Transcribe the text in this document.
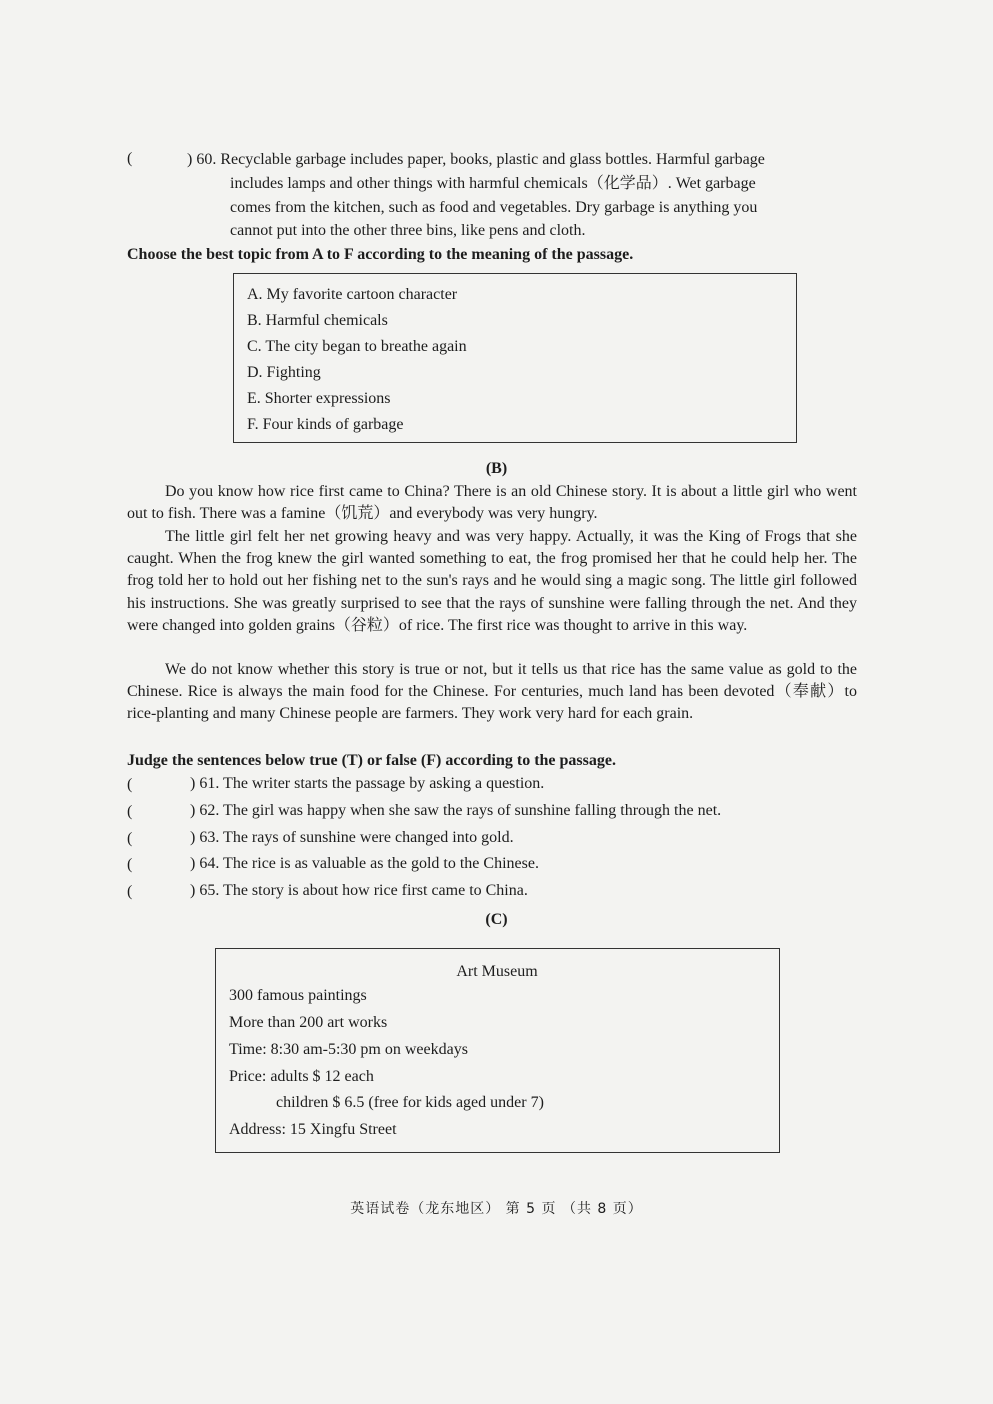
(	) 60. Recyclable garbage includes paper, books, plastic and glass bottles. Harmful garbage
includes lamps and other things with harmful chemicals（化学品）. Wet garbage
comes from the kitchen, such as food and vegetables. Dry garbage is anything you
cannot put into the other three bins, like pens and cloth.
Choose the best topic from A to F according to the meaning of the passage.
A. My favorite cartoon character
B. Harmful chemicals
C. The city began to breathe again
D. Fighting
E. Shorter expressions
F. Four kinds of garbage
(B)
Do you know how rice first came to China? There is an old Chinese story. It is about a little girl who went out to fish. There was a famine（饥荒）and everybody was very hungry.
The little girl felt her net growing heavy and was very happy. Actually, it was the King of Frogs that she caught. When the frog knew the girl wanted something to eat, the frog promised her that he could help her. The frog told her to hold out her fishing net to the sun's rays and he would sing a magic song. The little girl followed his instructions. She was greatly surprised to see that the rays of sunshine were falling through the net. And they were changed into golden grains（谷粒）of rice. The first rice was thought to arrive in this way.
We do not know whether this story is true or not, but it tells us that rice has the same value as gold to the Chinese. Rice is always the main food for the Chinese. For centuries, much land has been devoted（奉献）to rice-planting and many Chinese people are farmers. They work very hard for each grain.
Judge the sentences below true (T) or false (F) according to the passage.
(	) 61. The writer starts the passage by asking a question.
(	) 62. The girl was happy when she saw the rays of sunshine falling through the net.
(	) 63. The rays of sunshine were changed into gold.
(	) 64. The rice is as valuable as the gold to the Chinese.
(	) 65. The story is about how rice first came to China.
(C)
Art Museum
300 famous paintings
More than 200 art works
Time: 8:30 am-5:30 pm on weekdays
Price: adults $ 12 each
children $ 6.5 (free for kids aged under 7)
Address: 15 Xingfu Street
英语试卷（龙东地区） 第 5 页 （共 8 页）
